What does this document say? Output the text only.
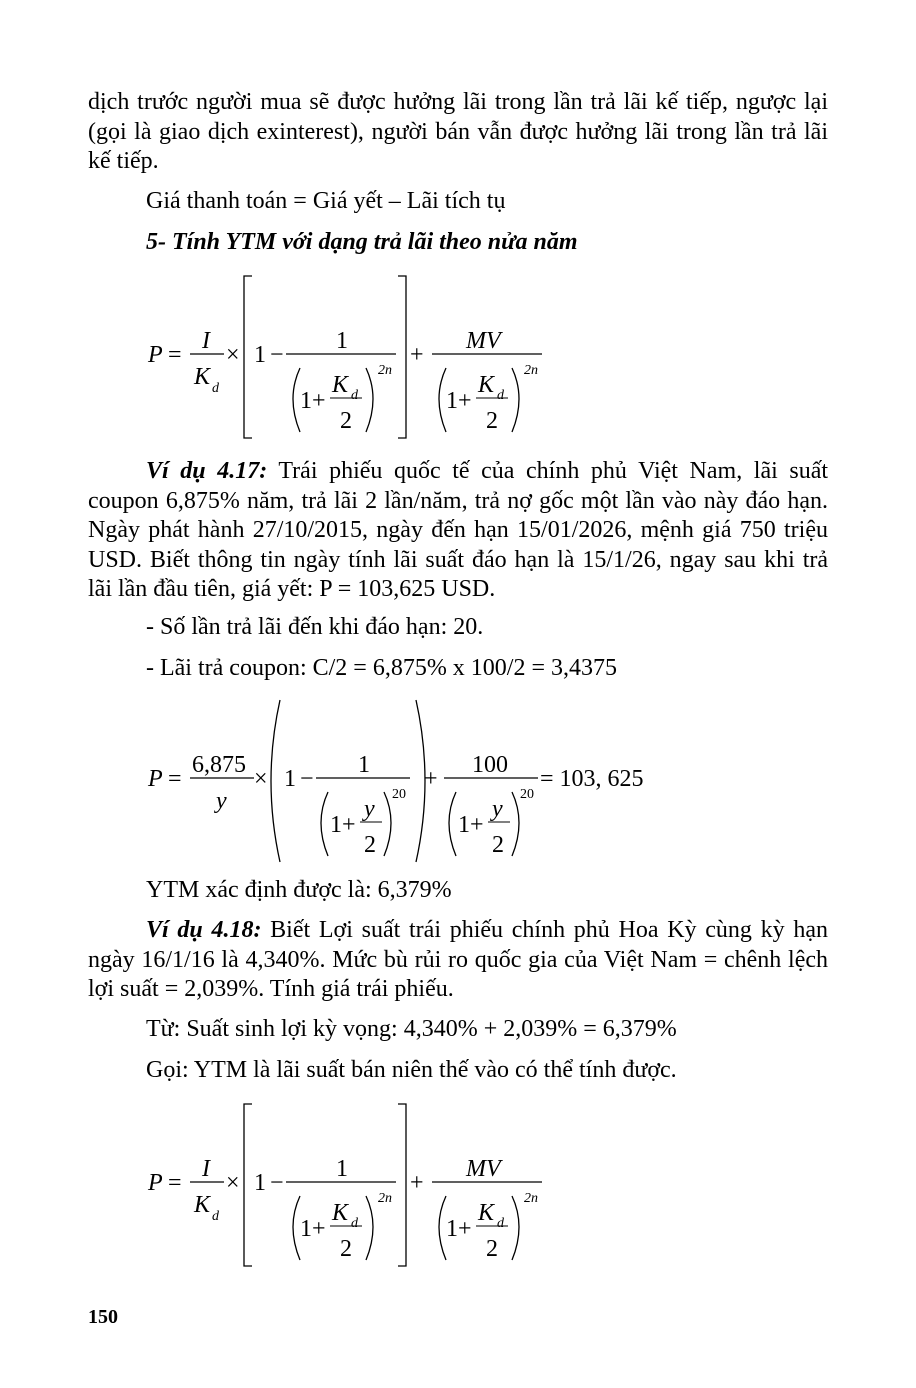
dịch trước người mua sẽ được hưởng lãi trong lần trả lãi kế tiếp, ngược lại (gọi là giao dịch exinterest), người bán vẫn được hưởng lãi trong lần trả lãi kế tiếp.

Giá thanh toán = Giá yết – Lãi tích tụ

5- Tính YTM với dạng trả lãi theo nửa năm

P =
I
K d
× 1 −
1
1 +
K d
2
2n
+
MV
1 +
K d
2
2n

Ví dụ 4.17: Trái phiếu quốc tế của chính phủ Việt Nam, lãi suất coupon 6,875% năm, trả lãi 2 lần/năm, trả nợ gốc một lần vào này đáo hạn. Ngày phát hành 27/10/2015, ngày đến hạn 15/01/2026, mệnh giá 750 triệu USD. Biết thông tin ngày tính lãi suất đáo hạn là 15/1/26, ngay sau khi trả lãi lần đầu tiên, giá yết: P = 103,625 USD.

- Số lần trả lãi đến khi đáo hạn: 20.

- Lãi trả coupon: C/2 = 6,875% x 100/2 = 3,4375

P =
6,875
y
× 1 −
1
1 +
y
2
20
+
100
1 +
y
2
20
= 103, 625

YTM xác định được là: 6,379%

Ví dụ 4.18: Biết Lợi suất trái phiếu chính phủ Hoa Kỳ cùng kỳ hạn ngày 16/1/16 là 4,340%. Mức bù rủi ro quốc gia của Việt Nam = chênh lệch lợi suất = 2,039%. Tính giá trái phiếu.

Từ: Suất sinh lợi kỳ vọng: 4,340% + 2,039% = 6,379%

Gọi: YTM là lãi suất bán niên thế vào có thể tính được.

P =
I
K d
× 1 −
1
1 +
K d
2
2n
+
MV
1 +
K d
2
2n
150
